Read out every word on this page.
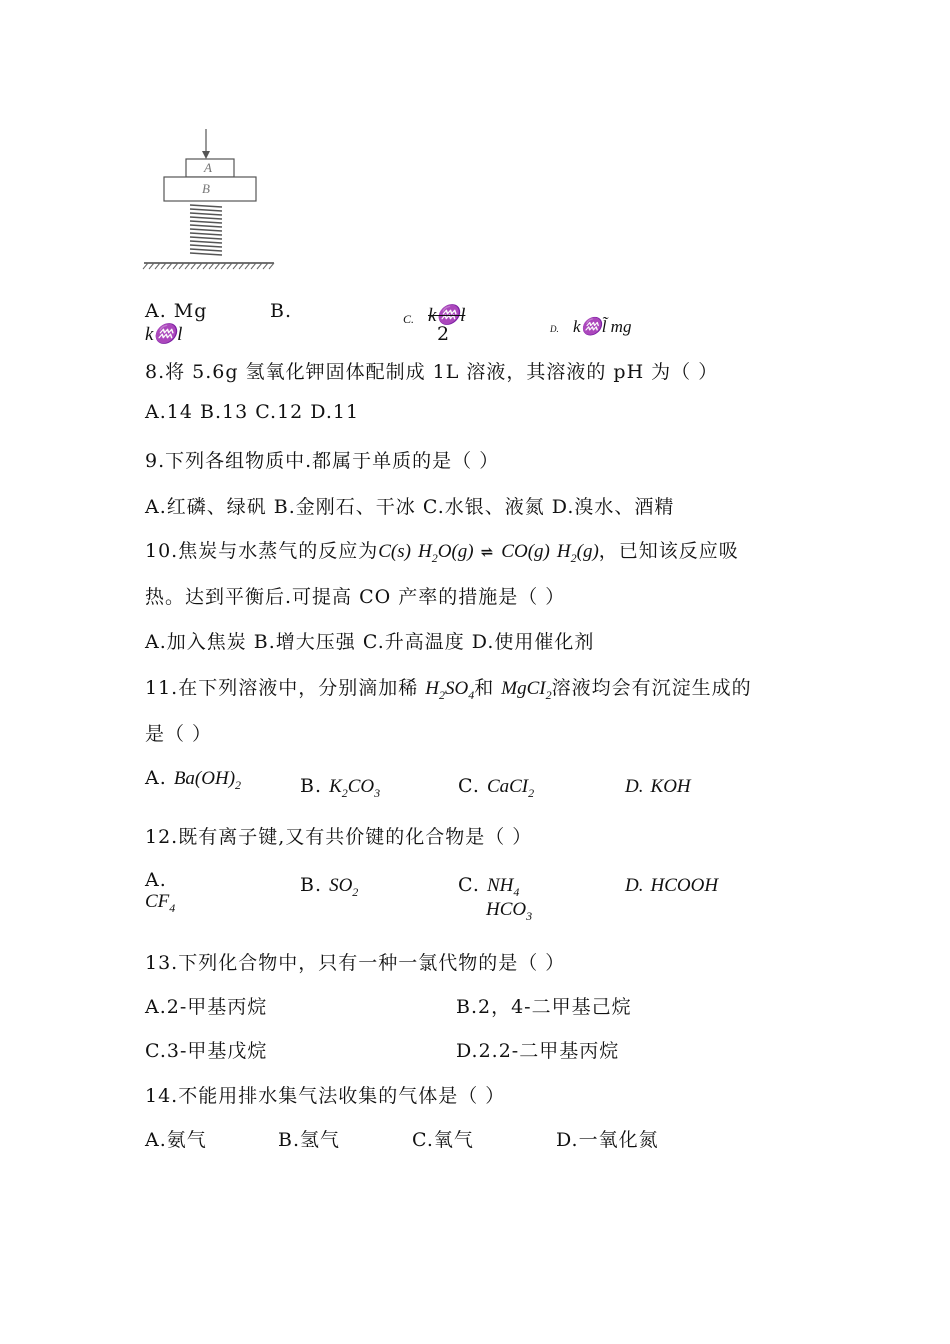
A
B
A. Mg
k♒l
B.	C. k♒l
2	D. k♒l̃ mg
8.将 5.6g 氢氧化钾固体配制成 1L 溶液，其溶液的 pH 为（ ）
A.14 B.13 C.12 D.11
9.下列各组物质中.都属于单质的是（ ）
A.红磷、绿矾 B.金刚石、干冰 C.水银、液氮 D.溴水、酒精
10.焦炭与水蒸气的反应为C(s) $H_2O(g)$ ⇌ CO(g) $H_2(g)$，已知该反应吸
热。达到平衡后.可提高 CO 产率的措施是（ ）
A.加入焦炭 B.增大压强 C.升高温度 D.使用催化剂
11.在下列溶液中，分别滴加稀 $H_2SO_4$和 MgCI$_2$溶液均会有沉淀生成的
是（ ）
A. $Ba(OH)_2$	B. $K_2CO_3$	C. CaCI$_2$	D. KOH
12.既有离子键,又有共价键的化合物是（ ）
A.
$CF_4$
B. $SO_2$	C. $NH_4$
$HCO_3$
D. HCOOH
13.下列化合物中，只有一种一氯代物的是（ ）
A.2-甲基丙烷	B.2，4-二甲基己烷
C.3-甲基戊烷	D.2.2-二甲基丙烷
14.不能用排水集气法收集的气体是（ ）
A.氨气	B.氢气	C.氧气	D.一氧化氮
